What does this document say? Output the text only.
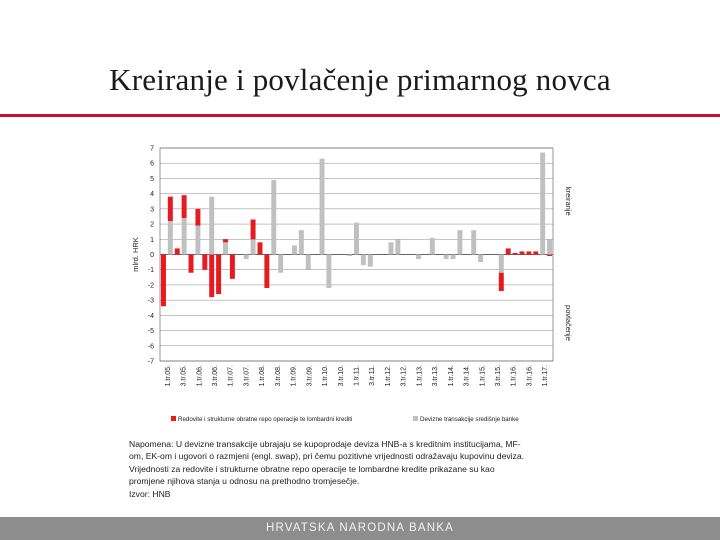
Kreiranje i povlačenje primarnog novca
7
6
5
4
3
2
1
0
-1
-2
-3
-4
-5
-6
-7
1.tr.05. 3.tr.05. 1.tr.06. 3.tr.06. 1.tr.07. 3.tr.07. 1.tr.08. 3.tr.08. 1.tr.09. 3.tr.09. 1.tr.10. 3.tr.10. 1.tr.11. 3.tr.11. 1.tr.12. 3.tr.12. 1.tr.13. 3.tr.13. 1.tr.14. 3.tr.14. 1.tr.15. 3.tr.15. 1.tr.16. 3.tr.16. 1.tr.17.
mlrd. HRK
kreiranje
povlačenje
Redovite i strukturne obratne repo operacije te lombardni krediti	Devizne transakcije središnje banke

Napomena: U devizne transakcije ubrajaju se kupoprodaje deviza HNB-a s kreditnim institucijama, MF-

om, EK-om i ugovori o razmjeni (engl. swap), pri čemu pozitivne vrijednosti odražavaju kupovinu deviza.

Vrijednosti za redovite i strukturne obratne repo operacije te lombardne kredite prikazane su kao

promjene njihova stanja u odnosu na prethodno tromjesečje.

Izvor: HNB

HRVATSKA NARODNA BANKA
